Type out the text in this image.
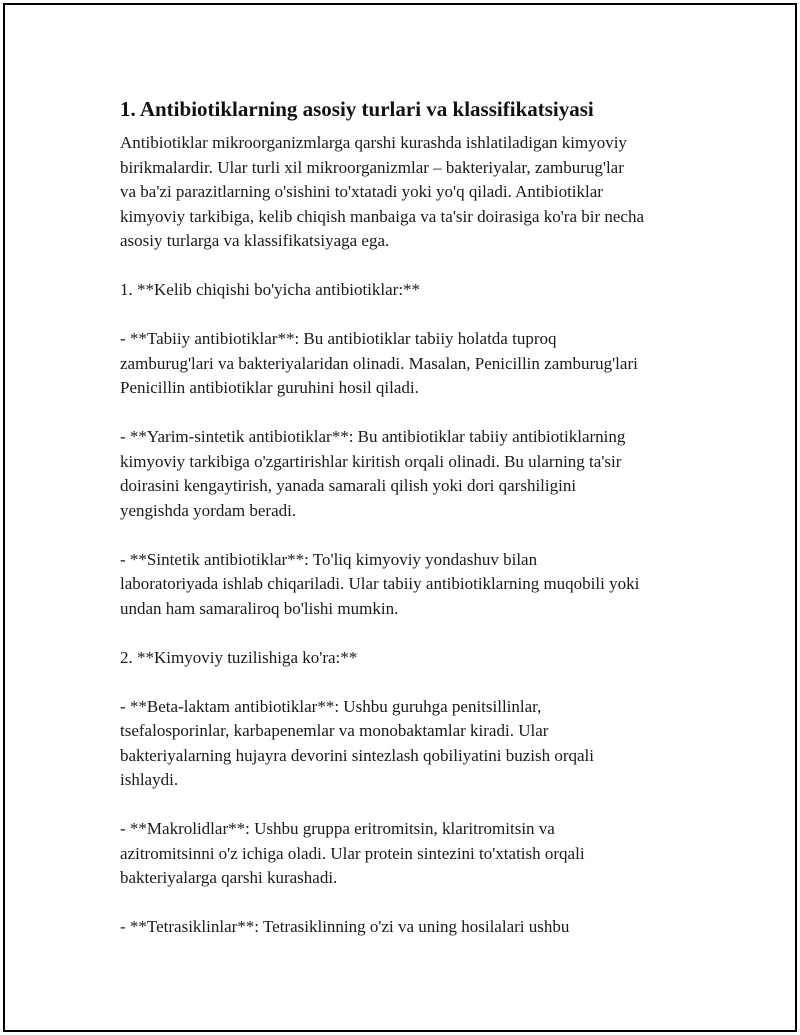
1. Antibiotiklarning asosiy turlari va klassifikatsiyasi

Antibiotiklar mikroorganizmlarga qarshi kurashda ishlatiladigan kimyoviy
birikmalardir. Ular turli xil mikroorganizmlar – bakteriyalar, zamburug'lar
va ba'zi parazitlarning o'sishini to'xtatadi yoki yo'q qiladi. Antibiotiklar
kimyoviy tarkibiga, kelib chiqish manbaiga va ta'sir doirasiga ko'ra bir necha
asosiy turlarga va klassifikatsiyaga ega.

1. **Kelib chiqishi bo'yicha antibiotiklar:**

- **Tabiiy antibiotiklar**: Bu antibiotiklar tabiiy holatda tuproq
zamburug'lari va bakteriyalaridan olinadi. Masalan, Penicillin zamburug'lari
Penicillin antibiotiklar guruhini hosil qiladi.

- **Yarim-sintetik antibiotiklar**: Bu antibiotiklar tabiiy antibiotiklarning
kimyoviy tarkibiga o'zgartirishlar kiritish orqali olinadi. Bu ularning ta'sir
doirasini kengaytirish, yanada samarali qilish yoki dori qarshiligini
yengishda yordam beradi.

- **Sintetik antibiotiklar**: To'liq kimyoviy yondashuv bilan
laboratoriyada ishlab chiqariladi. Ular tabiiy antibiotiklarning muqobili yoki
undan ham samaraliroq bo'lishi mumkin.

2. **Kimyoviy tuzilishiga ko'ra:**

- **Beta-laktam antibiotiklar**: Ushbu guruhga penitsillinlar,
tsefalosporinlar, karbapenemlar va monobaktamlar kiradi. Ular
bakteriyalarning hujayra devorini sintezlash qobiliyatini buzish orqali
ishlaydi.

- **Makrolidlar**: Ushbu gruppa eritromitsin, klaritromitsin va
azitromitsinni o'z ichiga oladi. Ular protein sintezini to'xtatish orqali
bakteriyalarga qarshi kurashadi.

- **Tetrasiklinlar**: Tetrasiklinning o'zi va uning hosilalari ushbu
